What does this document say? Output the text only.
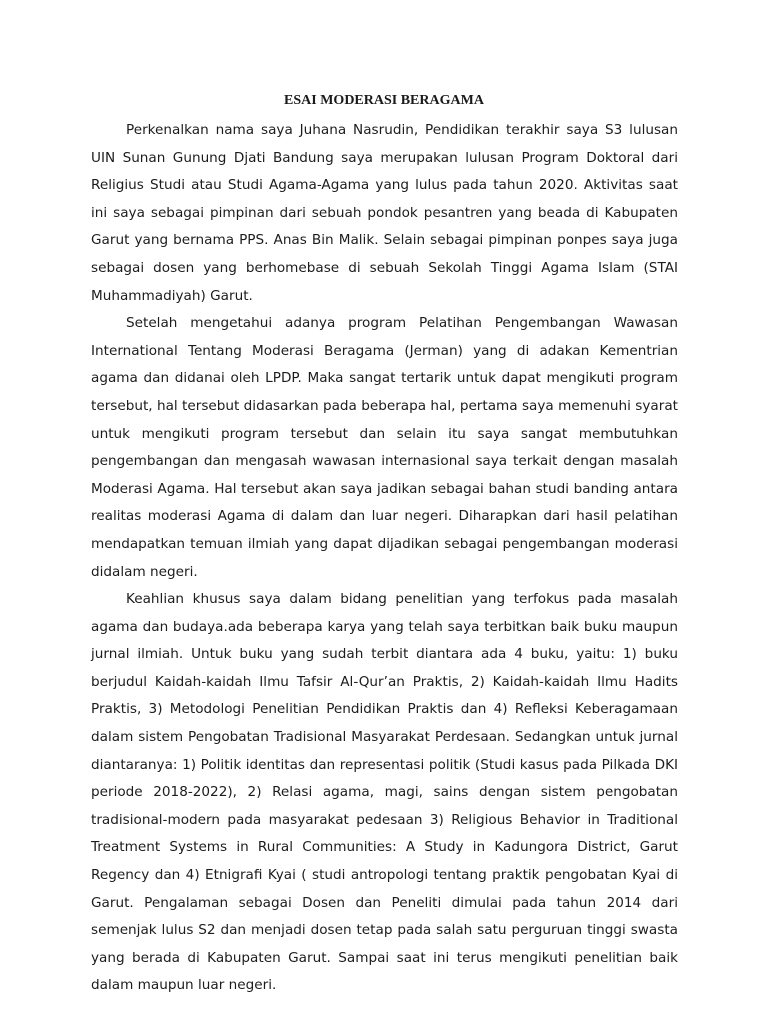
ESAI MODERASI BERAGAMA

Perkenalkan nama saya Juhana Nasrudin, Pendidikan terakhir saya S3 lulusan UIN Sunan Gunung Djati Bandung saya merupakan lulusan Program Doktoral dari Religius Studi atau Studi Agama-Agama yang lulus pada tahun 2020. Aktivitas saat ini saya sebagai pimpinan dari sebuah pondok pesantren yang beada di Kabupaten Garut yang bernama PPS. Anas Bin Malik. Selain sebagai pimpinan ponpes saya juga sebagai dosen yang berhomebase di sebuah Sekolah Tinggi Agama Islam (STAI Muhammadiyah) Garut.

Setelah mengetahui adanya program Pelatihan Pengembangan Wawasan International Tentang Moderasi Beragama (Jerman) yang di adakan Kementrian agama dan didanai oleh LPDP. Maka sangat tertarik untuk dapat mengikuti program tersebut, hal tersebut didasarkan pada beberapa hal, pertama saya memenuhi syarat untuk mengikuti program tersebut dan selain itu saya sangat membutuhkan pengembangan dan mengasah wawasan internasional saya terkait dengan masalah Moderasi Agama. Hal tersebut akan saya jadikan sebagai bahan studi banding antara realitas moderasi Agama di dalam dan luar negeri. Diharapkan dari hasil pelatihan mendapatkan temuan ilmiah yang dapat dijadikan sebagai pengembangan moderasi didalam negeri.

Keahlian khusus saya dalam bidang penelitian yang terfokus pada masalah agama dan budaya.ada beberapa karya yang telah saya terbitkan baik buku maupun jurnal ilmiah. Untuk buku yang sudah terbit diantara ada 4 buku, yaitu: 1) buku berjudul Kaidah-kaidah Ilmu Tafsir Al-Qur’an Praktis, 2) Kaidah-kaidah Ilmu Hadits Praktis, 3) Metodologi Penelitian Pendidikan Praktis dan 4) Refleksi Keberagamaan dalam sistem Pengobatan Tradisional Masyarakat Perdesaan. Sedangkan untuk jurnal diantaranya: 1) Politik identitas dan representasi politik (Studi kasus pada Pilkada DKI periode 2018-2022), 2) Relasi agama, magi, sains dengan sistem pengobatan tradisional-modern pada masyarakat pedesaan 3) Religious Behavior in Traditional Treatment Systems in Rural Communities: A Study in Kadungora District, Garut Regency dan 4) Etnigrafi Kyai ( studi antropologi tentang praktik pengobatan Kyai di Garut. Pengalaman sebagai Dosen dan Peneliti dimulai pada tahun 2014 dari semenjak lulus S2 dan menjadi dosen tetap pada salah satu perguruan tinggi swasta yang berada di Kabupaten Garut. Sampai saat ini terus mengikuti penelitian baik dalam maupun luar negeri.
